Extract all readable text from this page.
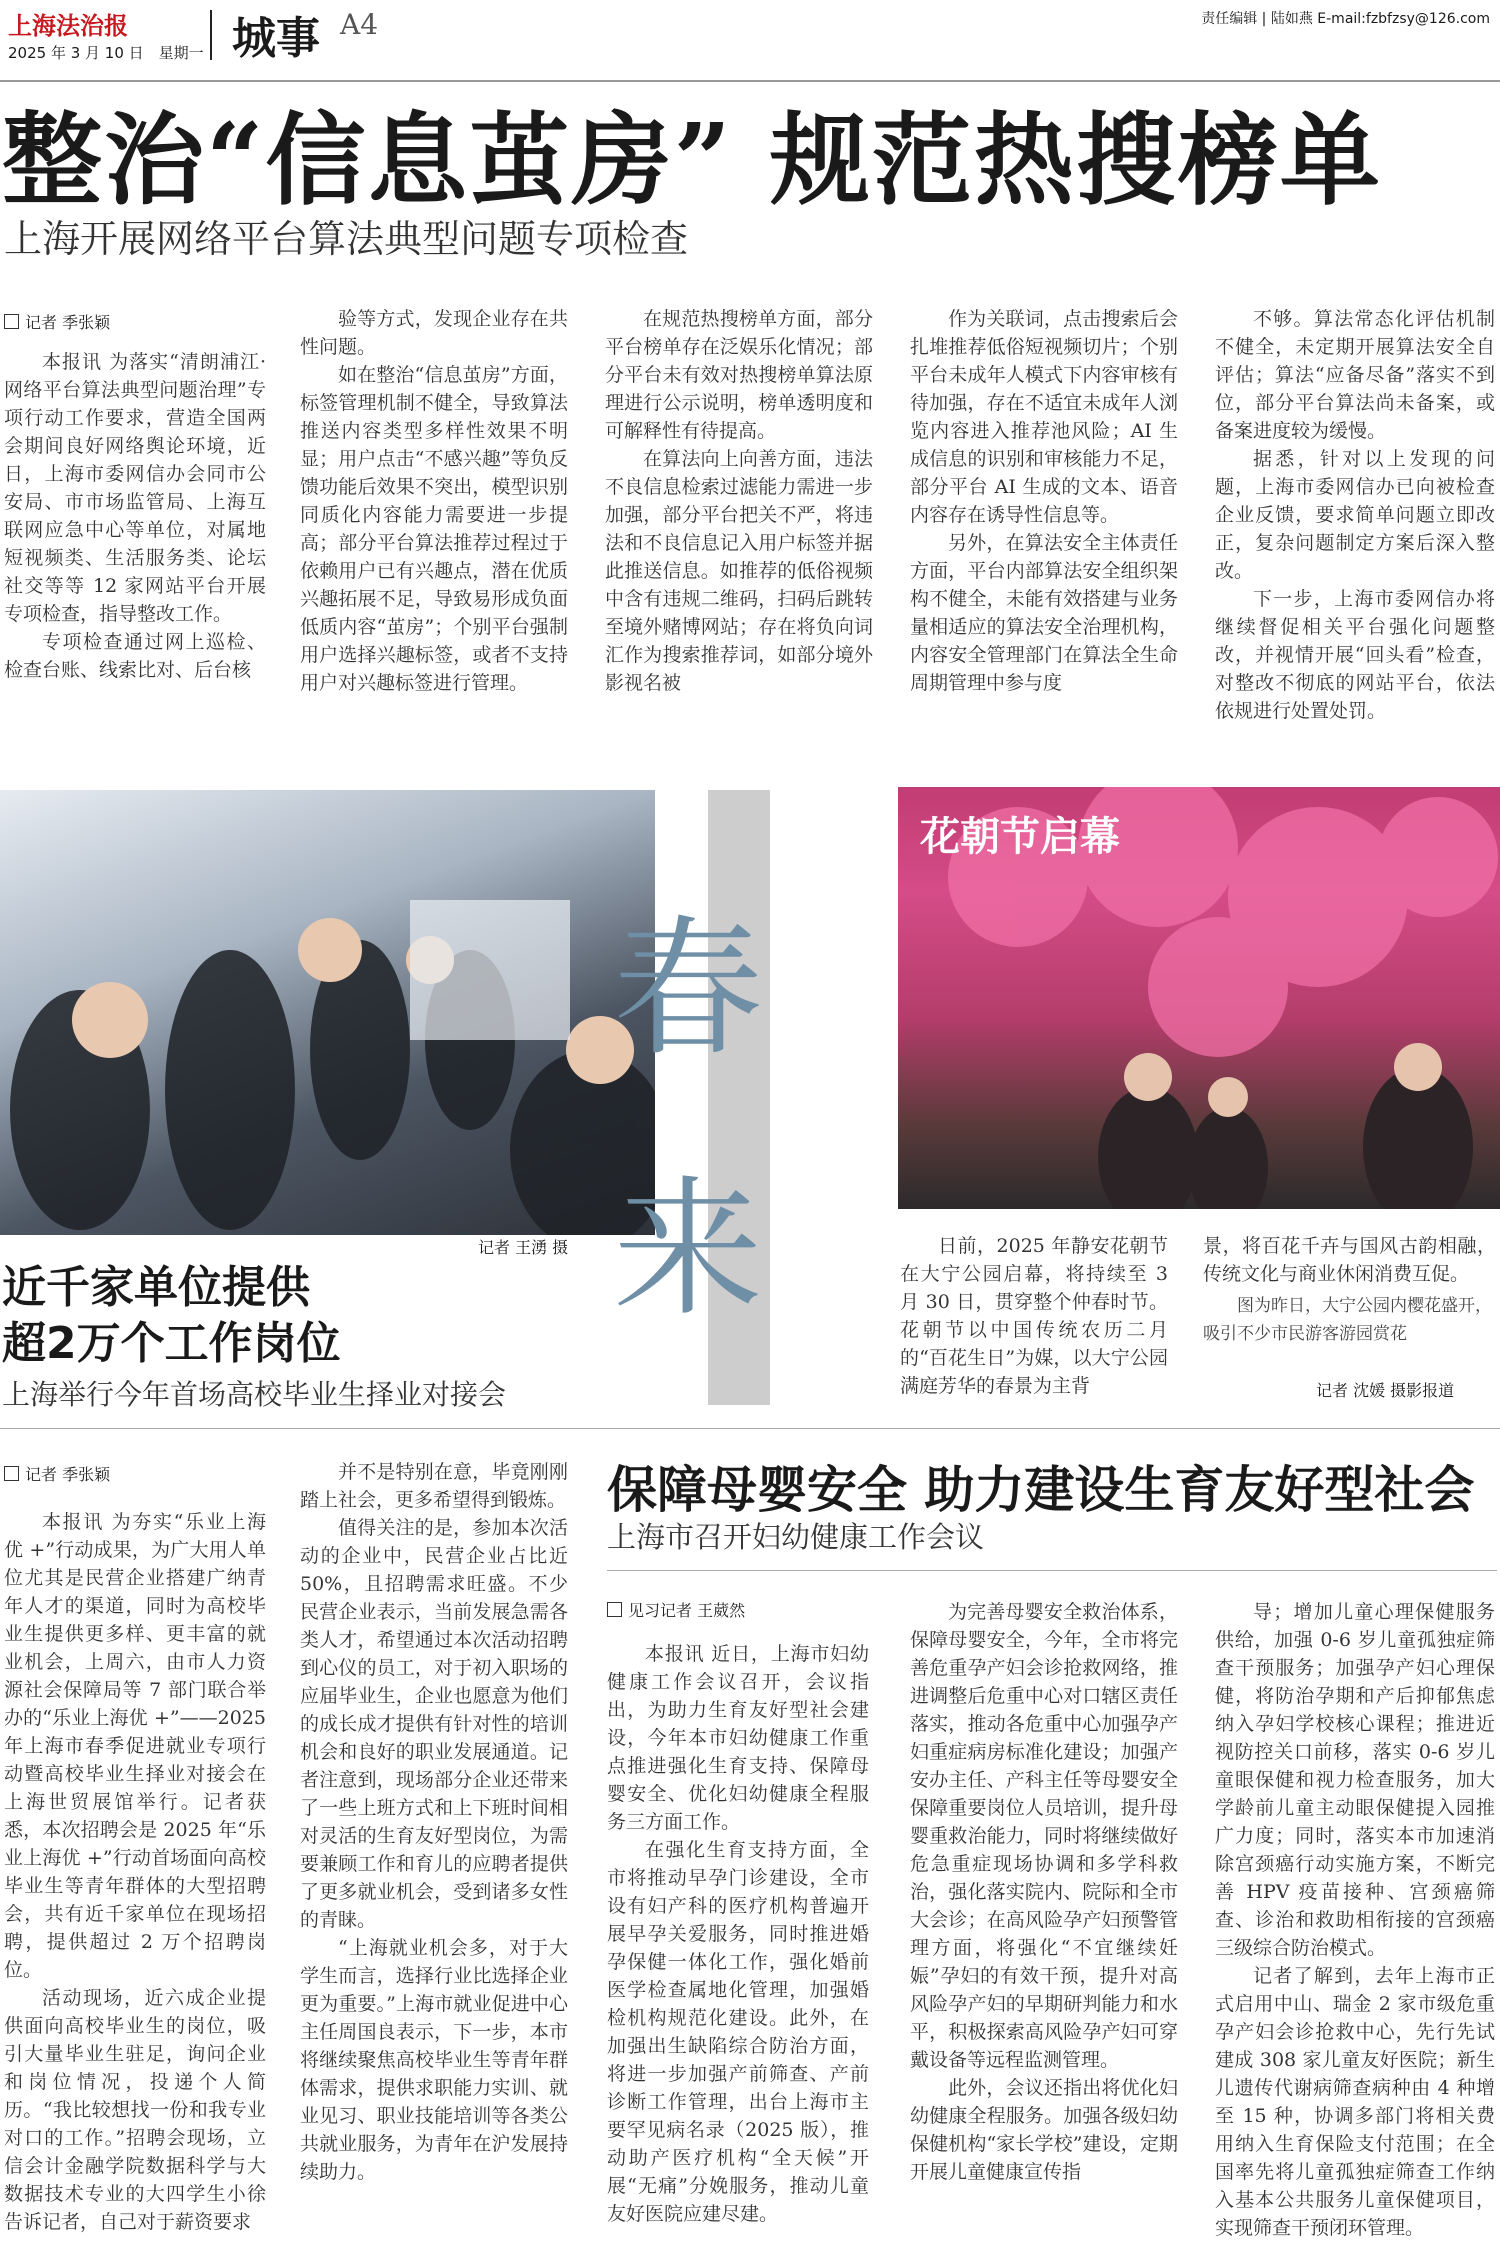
上海法治报
2025 年 3 月 10 日　星期一 城事 A4	责任编辑 | 陆如燕 E-mail:fzbfzsy@126.com
整治“信息茧房” 规范热搜榜单
上海开展网络平台算法典型问题专项检查
记者 季张颖

本报讯 为落实“清朗浦江·网络平台算法典型问题治理”专项行动工作要求，营造全国两会期间良好网络舆论环境，近日，上海市委网信办会同市公安局、市市场监管局、上海互联网应急中心等单位，对属地短视频类、生活服务类、论坛社交等等 12 家网站平台开展专项检查，指导整改工作。

专项检查通过网上巡检、检查台账、线索比对、后台核

验等方式，发现企业存在共性问题。

如在整治“信息茧房”方面，标签管理机制不健全，导致算法推送内容类型多样性效果不明显；用户点击“不感兴趣”等负反馈功能后效果不突出，模型识别同质化内容能力需要进一步提高；部分平台算法推荐过程过于依赖用户已有兴趣点，潜在优质兴趣拓展不足，导致易形成负面低质内容“茧房”；个别平台强制用户选择兴趣标签，或者不支持用户对兴趣标签进行管理。

在规范热搜榜单方面，部分平台榜单存在泛娱乐化情况；部分平台未有效对热搜榜单算法原理进行公示说明，榜单透明度和可解释性有待提高。

在算法向上向善方面，违法不良信息检索过滤能力需进一步加强，部分平台把关不严，将违法和不良信息记入用户标签并据此推送信息。如推荐的低俗视频中含有违规二维码，扫码后跳转至境外赌博网站；存在将负向词汇作为搜索推荐词，如部分境外影视名被

作为关联词，点击搜索后会扎堆推荐低俗短视频切片；个别平台未成年人模式下内容审核有待加强，存在不适宜未成年人浏览内容进入推荐池风险；AI 生成信息的识别和审核能力不足，部分平台 AI 生成的文本、语音内容存在诱导性信息等。

另外，在算法安全主体责任方面，平台内部算法安全组织架构不健全，未能有效搭建与业务量相适应的算法安全治理机构，内容安全管理部门在算法全生命周期管理中参与度

不够。算法常态化评估机制不健全，未定期开展算法安全自评估；算法“应备尽备”落实不到位，部分平台算法尚未备案，或备案进度较为缓慢。

据悉，针对以上发现的问题，上海市委网信办已向被检查企业反馈，要求简单问题立即改正，复杂问题制定方案后深入整改。

下一步，上海市委网信办将继续督促相关平台强化问题整改，并视情开展“回头看”检查，对整改不彻底的网站平台，依法依规进行处置处罚。

记者 王湧 摄
春来
花朝节启幕

日前，2025 年静安花朝节在大宁公园启幕，将持续至 3 月 30 日，贯穿整个仲春时节。花朝节以中国传统农历二月的“百花生日”为媒，以大宁公园满庭芳华的春景为主背

景，将百花千卉与国风古韵相融，传统文化与商业休闲消费互促。

图为昨日，大宁公园内樱花盛开，吸引不少市民游客游园赏花
记者 沈媛 摄影报道
近千家单位提供
超2万个工作岗位
上海举行今年首场高校毕业生择业对接会
记者 季张颖

本报讯 为夯实“乐业上海优 +”行动成果，为广大用人单位尤其是民营企业搭建广纳青年人才的渠道，同时为高校毕业生提供更多样、更丰富的就业机会，上周六，由市人力资源社会保障局等 7 部门联合举办的“乐业上海优 +”——2025 年上海市春季促进就业专项行动暨高校毕业生择业对接会在上海世贸展馆举行。记者获悉，本次招聘会是 2025 年“乐业上海优 +”行动首场面向高校毕业生等青年群体的大型招聘会，共有近千家单位在现场招聘，提供超过 2 万个招聘岗位。

活动现场，近六成企业提供面向高校毕业生的岗位，吸引大量毕业生驻足，询问企业和岗位情况，投递个人简历。“我比较想找一份和我专业对口的工作。”招聘会现场，立信会计金融学院数据科学与大数据技术专业的大四学生小徐告诉记者，自己对于薪资要求

并不是特别在意，毕竟刚刚踏上社会，更多希望得到锻炼。

值得关注的是，参加本次活动的企业中，民营企业占比近 50%，且招聘需求旺盛。不少民营企业表示，当前发展急需各类人才，希望通过本次活动招聘到心仪的员工，对于初入职场的应届毕业生，企业也愿意为他们的成长成才提供有针对性的培训机会和良好的职业发展通道。记者注意到，现场部分企业还带来了一些上班方式和上下班时间相对灵活的生育友好型岗位，为需要兼顾工作和育儿的应聘者提供了更多就业机会，受到诸多女性的青睐。

“上海就业机会多，对于大学生而言，选择行业比选择企业更为重要。”上海市就业促进中心主任周国良表示，下一步，本市将继续聚焦高校毕业生等青年群体需求，提供求职能力实训、就业见习、职业技能培训等各类公共就业服务，为青年在沪发展持续助力。

保障母婴安全 助力建设生育友好型社会
上海市召开妇幼健康工作会议
见习记者 王葳然

本报讯 近日，上海市妇幼健康工作会议召开，会议指出，为助力生育友好型社会建设，今年本市妇幼健康工作重点推进强化生育支持、保障母婴安全、优化妇幼健康全程服务三方面工作。

在强化生育支持方面，全市将推动早孕门诊建设，全市设有妇产科的医疗机构普遍开展早孕关爱服务，同时推进婚孕保健一体化工作，强化婚前医学检查属地化管理，加强婚检机构规范化建设。此外，在加强出生缺陷综合防治方面，将进一步加强产前筛查、产前诊断工作管理，出台上海市主要罕见病名录（2025 版），推动助产医疗机构“全天候”开展“无痛”分娩服务，推动儿童友好医院应建尽建。

为完善母婴安全救治体系，保障母婴安全，今年，全市将完善危重孕产妇会诊抢救网络，推进调整后危重中心对口辖区责任落实，推动各危重中心加强孕产妇重症病房标准化建设；加强产安办主任、产科主任等母婴安全保障重要岗位人员培训，提升母婴重救治能力，同时将继续做好危急重症现场协调和多学科救治，强化落实院内、院际和全市大会诊；在高风险孕产妇预警管理方面，将强化“不宜继续妊娠”孕妇的有效干预，提升对高风险孕产妇的早期研判能力和水平，积极探索高风险孕产妇可穿戴设备等远程监测管理。

此外，会议还指出将优化妇幼健康全程服务。加强各级妇幼保健机构“家长学校”建设，定期开展儿童健康宣传指

导；增加儿童心理保健服务供给，加强 0-6 岁儿童孤独症筛查干预服务；加强孕产妇心理保健，将防治孕期和产后抑郁焦虑纳入孕妇学校核心课程；推进近视防控关口前移，落实 0-6 岁儿童眼保健和视力检查服务，加大学龄前儿童主动眼保健提入园推广力度；同时，落实本市加速消除宫颈癌行动实施方案，不断完善 HPV 疫苗接种、宫颈癌筛查、诊治和救助相衔接的宫颈癌三级综合防治模式。

记者了解到，去年上海市正式启用中山、瑞金 2 家市级危重孕产妇会诊抢救中心，先行先试建成 308 家儿童友好医院；新生儿遗传代谢病筛查病种由 4 种增至 15 种，协调多部门将相关费用纳入生育保险支付范围；在全国率先将儿童孤独症筛查工作纳入基本公共服务儿童保健项目，实现筛查干预闭环管理。
